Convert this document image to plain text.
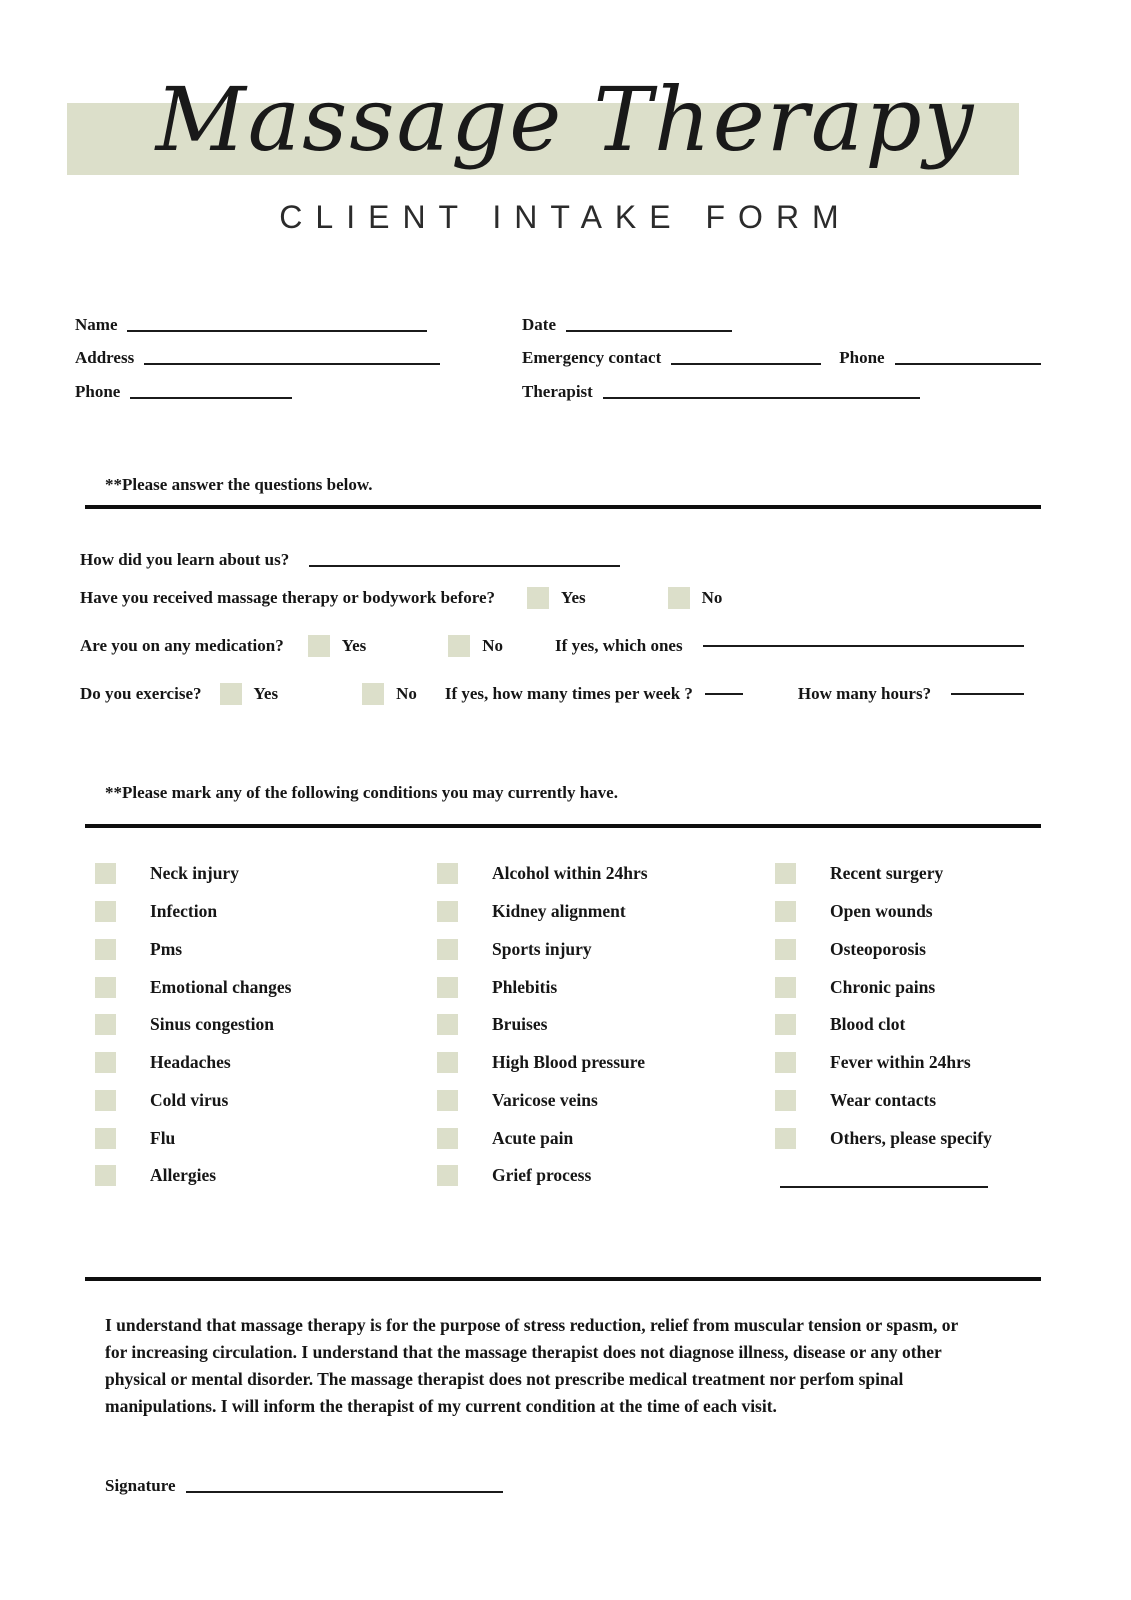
Massage Therapy
CLIENT INTAKE FORM
Name
Address
Phone
Date
Emergency contact	Phone
Therapist
**Please answer the questions below.
How did you learn about us?
Have you received massage therapy or bodywork before?	Yes	No
Are you on any medication?	Yes	No	If yes, which ones
Do you exercise?	Yes	No If yes, how many times per week ?	How many hours?
**Please mark any of the following conditions you may currently have.
Neck injury
Infection
Pms
Emotional changes
Sinus congestion
Headaches
Cold virus
Flu
Allergies
Alcohol within 24hrs
Kidney alignment
Sports injury
Phlebitis
Bruises
High Blood pressure
Varicose veins
Acute pain
Grief process
Recent surgery
Open wounds
Osteoporosis
Chronic pains
Blood clot
Fever within 24hrs
Wear contacts
Others, please specify
I understand that massage therapy is for the purpose of stress reduction, relief from muscular tension or spasm, or for increasing circulation. I understand that the massage therapist does not diagnose illness, disease or any other physical or mental disorder. The massage therapist does not prescribe medical treatment nor perfom spinal manipulations. I will inform the therapist of my current condition at the time of each visit.
Signature
